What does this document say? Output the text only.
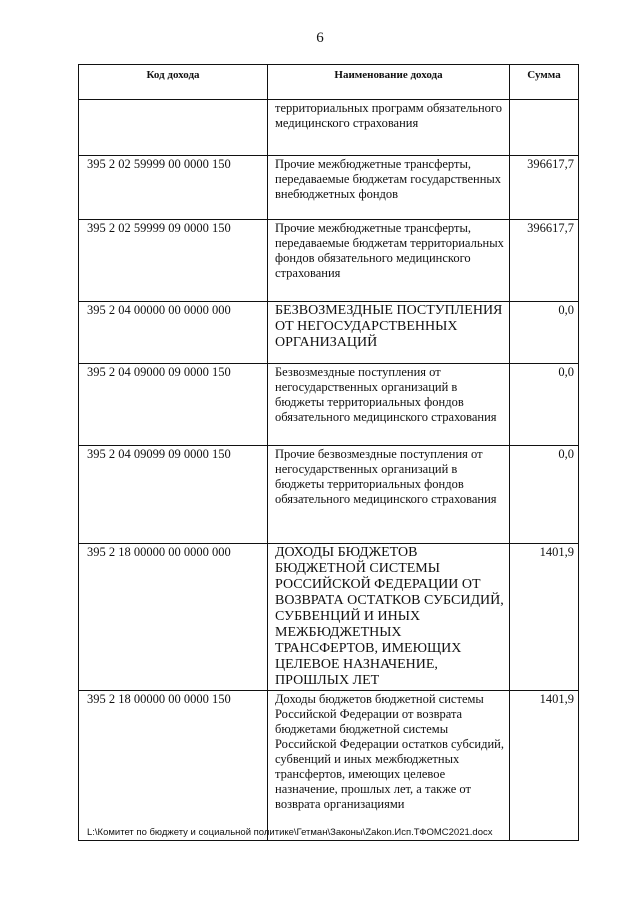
6
Код дохода	Наименование дохода	Сумма
	территориальных программ обязательного медицинского страхования	
395 2 02 59999 00 0000 150	Прочие межбюджетные трансферты, передаваемые бюджетам государственных внебюджетных фондов	396617,7
395 2 02 59999 09 0000 150	Прочие межбюджетные трансферты, передаваемые бюджетам территориальных фондов обязательного медицинского страхования	396617,7
395 2 04 00000 00 0000 000	БЕЗВОЗМЕЗДНЫЕ ПОСТУПЛЕНИЯ ОТ НЕГОСУДАРСТВЕННЫХ ОРГАНИЗАЦИЙ	0,0
395 2 04 09000 09 0000 150	Безвозмездные поступления от негосударственных организаций в бюджеты территориальных фондов обязательного медицинского страхования	0,0
395 2 04 09099 09 0000 150	Прочие безвозмездные поступления от негосударственных организаций в бюджеты территориальных фондов обязательного медицинского страхования	0,0
395 2 18 00000 00 0000 000	ДОХОДЫ БЮДЖЕТОВ БЮДЖЕТНОЙ СИСТЕМЫ РОССИЙСКОЙ ФЕДЕРАЦИИ ОТ ВОЗВРАТА ОСТАТКОВ СУБСИДИЙ, СУБВЕНЦИЙ И ИНЫХ МЕЖБЮДЖЕТНЫХ ТРАНСФЕРТОВ, ИМЕЮЩИХ ЦЕЛЕВОЕ НАЗНАЧЕНИЕ, ПРОШЛЫХ ЛЕТ	1401,9
395 2 18 00000 00 0000 150	Доходы бюджетов бюджетной системы Российской Федерации от возврата бюджетами бюджетной системы Российской Федерации остатков субсидий, субвенций и иных межбюджетных трансфертов, имеющих целевое назначение, прошлых лет, а также от возврата организациями	1401,9
L:\Комитет по бюджету и социальной политике\Гетман\Законы\Zakon.Исп.ТФОМС2021.docx
